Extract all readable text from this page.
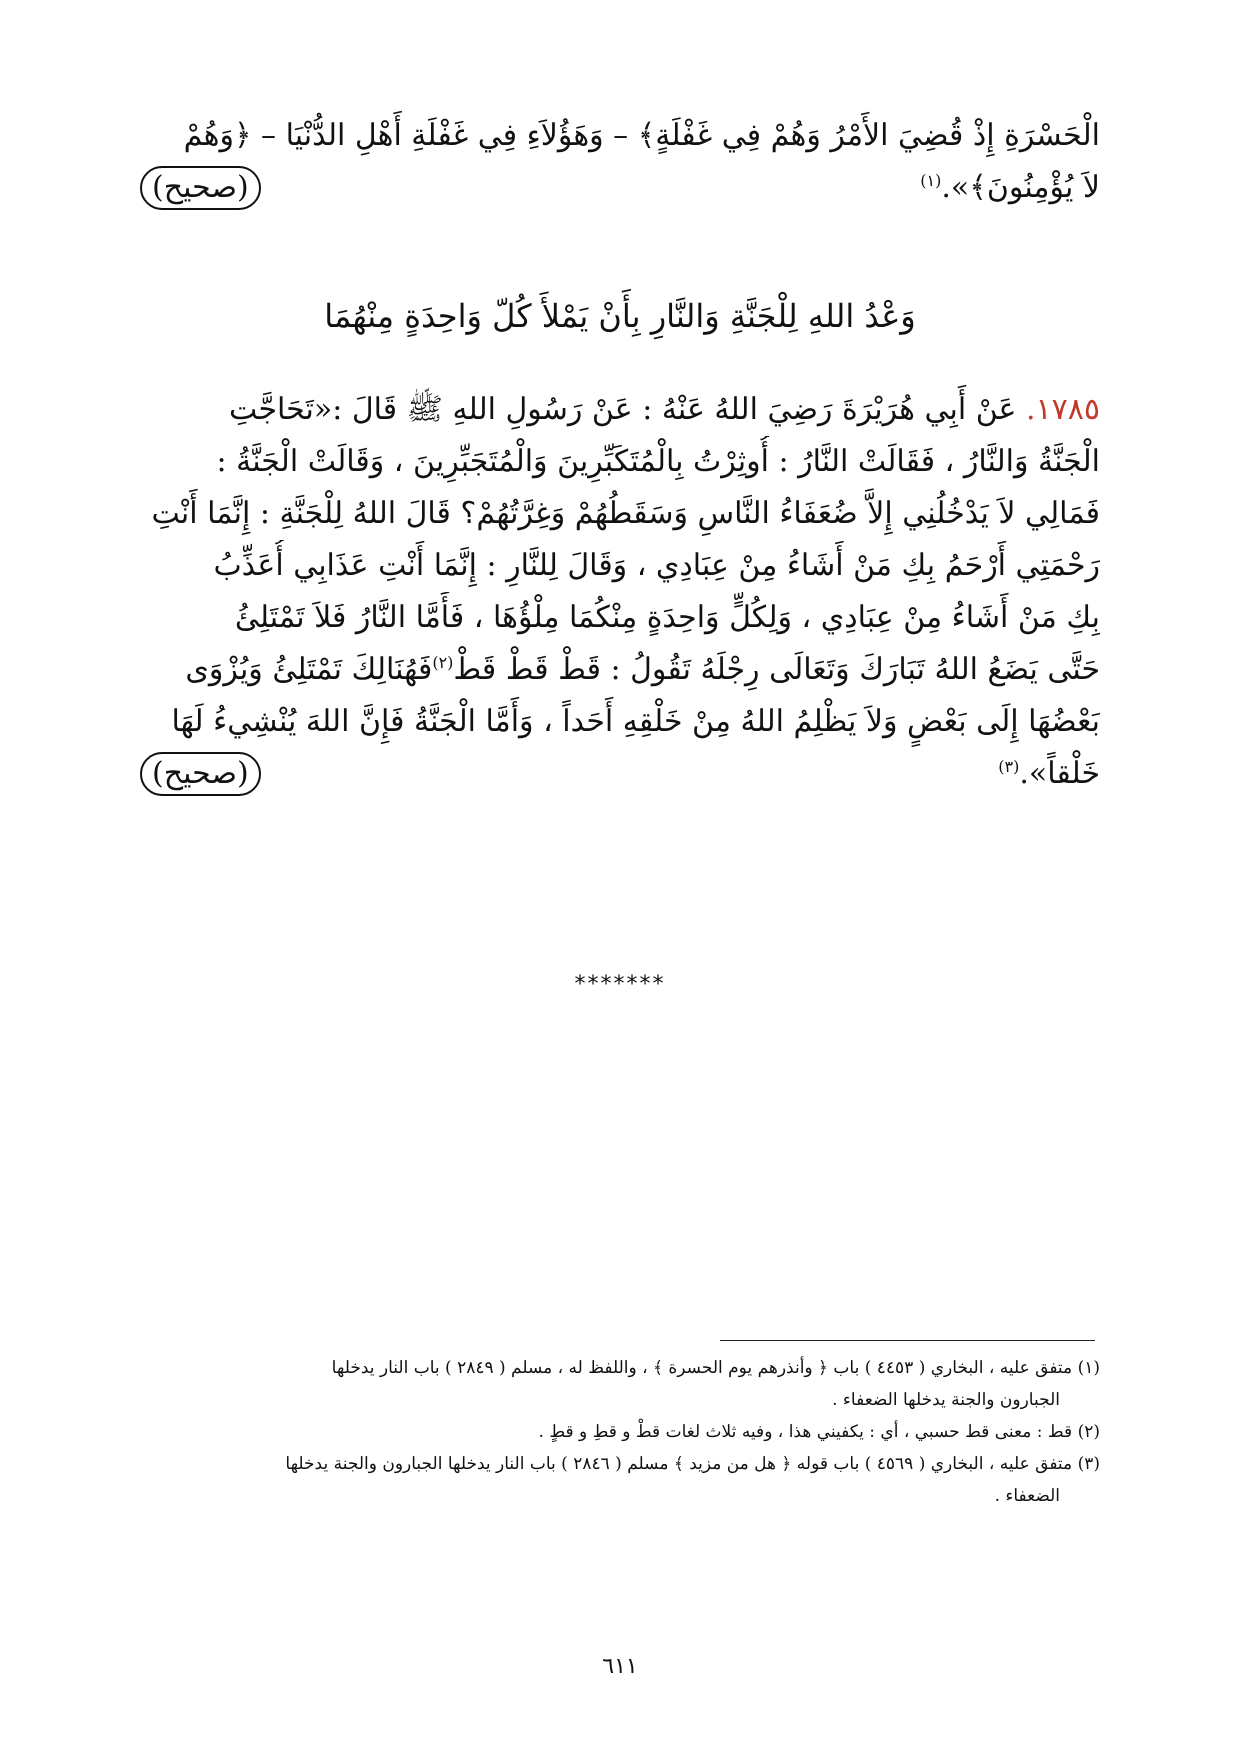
الْحَسْرَةِ إِذْ قُضِيَ الأَمْرُ وَهُمْ فِي غَفْلَةٍ﴾ – وَهَؤُلاَءِ فِي غَفْلَةِ أَهْلِ الدُّنْيَا – ﴿وَهُمْ
(صحيح)	لاَ يُؤْمِنُونَ﴾».$^{(١)}$
وَعْدُ اللهِ لِلْجَنَّةِ وَالنَّارِ بِأَنْ يَمْلأَ كُلّ وَاحِدَةٍ مِنْهُمَا
١٧٨٥. عَنْ أَبِي هُرَيْرَةَ رَضِيَ اللهُ عَنْهُ : عَنْ رَسُولِ اللهِ ﷺ قَالَ :«تَحَاجَّتِ
الْجَنَّةُ وَالنَّارُ ، فَقَالَتْ النَّارُ : أُوثِرْتُ بِالْمُتَكَبِّرِينَ وَالْمُتَجَبِّرِينَ ، وَقَالَتْ الْجَنَّةُ :
فَمَالِي لاَ يَدْخُلُنِي إِلاَّ ضُعَفَاءُ النَّاسِ وَسَقَطُهُمْ وَغِرَّتُهُمْ؟ قَالَ اللهُ لِلْجَنَّةِ : إِنَّمَا أَنْتِ
رَحْمَتِي أَرْحَمُ بِكِ مَنْ أَشَاءُ مِنْ عِبَادِي ، وَقَالَ لِلنَّارِ : إِنَّمَا أَنْتِ عَذَابِي أُعَذِّبُ
بِكِ مَنْ أَشَاءُ مِنْ عِبَادِي ، وَلِكُلٍّ وَاحِدَةٍ مِنْكُمَا مِلْؤُهَا ، فَأَمَّا النَّارُ فَلاَ تَمْتَلِئُ
حَتَّى يَضَعُ اللهُ تَبَارَكَ وَتَعَالَى رِجْلَهُ تَقُولُ : قَطْ قَطْ قَطْ$^{(٢)}$فَهُنَالِكَ تَمْتَلِئُ وَيُزْوَى
بَعْضُهَا إِلَى بَعْضٍ وَلاَ يَظْلِمُ اللهُ مِنْ خَلْقِهِ أَحَداً ، وَأَمَّا الْجَنَّةُ فَإِنَّ اللهَ يُنْشِيءُ لَهَا
(صحيح)	خَلْقاً».$^{(٣)}$
*******
(١) متفق عليه ، البخاري ( ٤٤٥٣ ) باب ﴿ وأنذرهم يوم الحسرة ﴾ ، واللفظ له ، مسلم ( ٢٨٤٩ ) باب النار يدخلها
الجبارون والجنة يدخلها الضعفاء .
(٢) قط : معنى قط حسبي ، أي : يكفيني هذا ، وفيه ثلاث لغات قطْ و قطِ و قطٍ .
(٣) متفق عليه ، البخاري ( ٤٥٦٩ ) باب قوله ﴿ هل من مزيد ﴾ مسلم ( ٢٨٤٦ ) باب النار يدخلها الجبارون والجنة يدخلها
الضعفاء .
٦١١
